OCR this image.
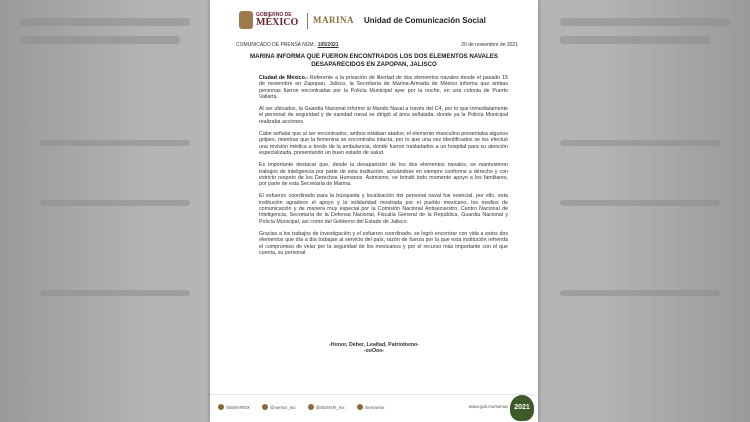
GOBIERNO DE
MÉXICO MARINA Unidad de Comunicación Social
COMUNICADO DE PRENSA NÚM.: 105/2021	20 de noviembre de 2021
MARINA INFORMA QUE FUERON ENCONTRADOS LOS DOS ELEMENTOS NAVALES DESAPARECIDOS EN ZAPOPAN, JALISCO

Ciudad de México.- Referente a la privación de libertad de dos elementos navales desde el pasado 15 de noviembre en Zapopan, Jalisco, la Secretaría de Marina-Armada de México informa que ambas personas fueron encontradas por la Policía Municipal ayer por la noche, en una colonia de Puerto Vallarta.

Al ser ubicados, la Guardia Nacional informó al Mando Naval a través del C4, por lo que inmediatamente el personal de seguridad y de sanidad naval se dirigió al área señalada, donde ya la Policía Municipal realizaba acciones.

Cabe señalar que al ser encontrados, ambos estaban atados; el elemento masculino presentaba algunos golpes, mientras que la femenina se encontraba intacta, por lo que una vez identificados se les efectuó una revisión médica a bordo de la ambulancia, donde fueron trasladados a un hospital para su atención especializada, presentando un buen estado de salud.

Es importante destacar que, desde la desaparición de los dos elementos navales, se mantuvieron trabajos de inteligencia por parte de esta institución, actuándose en siempre conforme a derecho y con estricto respeto de los Derechos Humanos. Asimismo, se brindó todo momento apoyo a los familiares, por parte de esta Secretaría de Marina.

El esfuerzo coordinado para la búsqueda y localización del personal naval fue esencial, por ello, esta institución agradece el apoyo y la solidaridad mostrada por el pueblo mexicano, los medios de comunicación y de manera muy especial por la Comisión Nacional Antisecuestro, Centro Nacional de Inteligencia, Secretaría de la Defensa Nacional, Fiscalía General de la República, Guardia Nacional y Policía Municipal, así como del Gobierno del Estado de Jalisco.

Gracias a los trabajos de investigación y el esfuerzo coordinado, se logró encontrar con vida a estos dos elementos que día a día trabajan al servicio del país, razón de fuerza por la que esta institución refrenda el compromiso de velar por la seguridad de los mexicanos y por el recurso más importante con el que cuenta, su personal.

-Honor, Deber, Lealtad, Patriotismo-
-ooOoo-
/SEMARMX	@semar_mx	@SEMAR_mx	/semarmx	www.gob.mx/semar 2021
